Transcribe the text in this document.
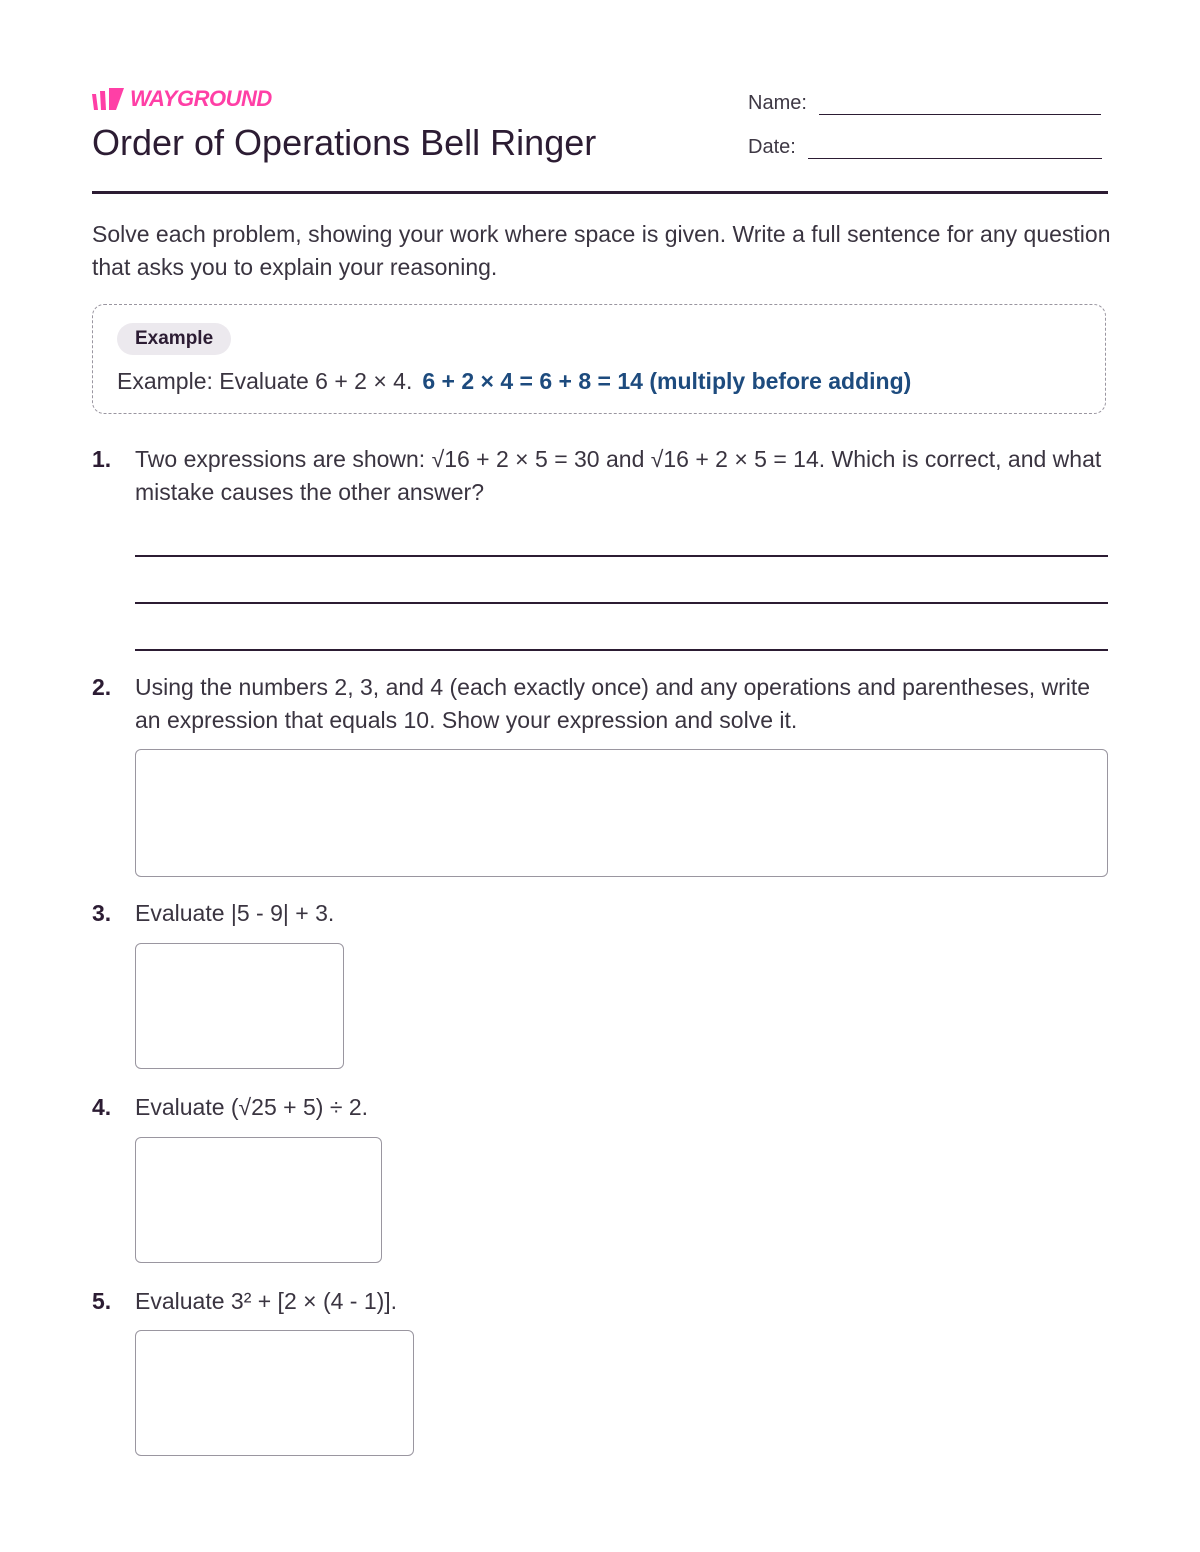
WAYGROUND
Order of Operations Bell Ringer
Name:
Date:

Solve each problem, showing your work where space is given. Write a full sentence for any question that asks you to explain your reasoning.

Example
Example: Evaluate 6 + 2 × 4. 6 + 2 × 4 = 6 + 8 = 14 (multiply before adding)
1. Two expressions are shown: √16 + 2 × 5 = 30 and √16 + 2 × 5 = 14. Which is correct, and what mistake causes the other answer?
2. Using the numbers 2, 3, and 4 (each exactly once) and any operations and parentheses, write an expression that equals 10. Show your expression and solve it.
3. Evaluate |5 - 9| + 3.
4. Evaluate (√25 + 5) ÷ 2.
5. Evaluate 3² + [2 × (4 - 1)].
